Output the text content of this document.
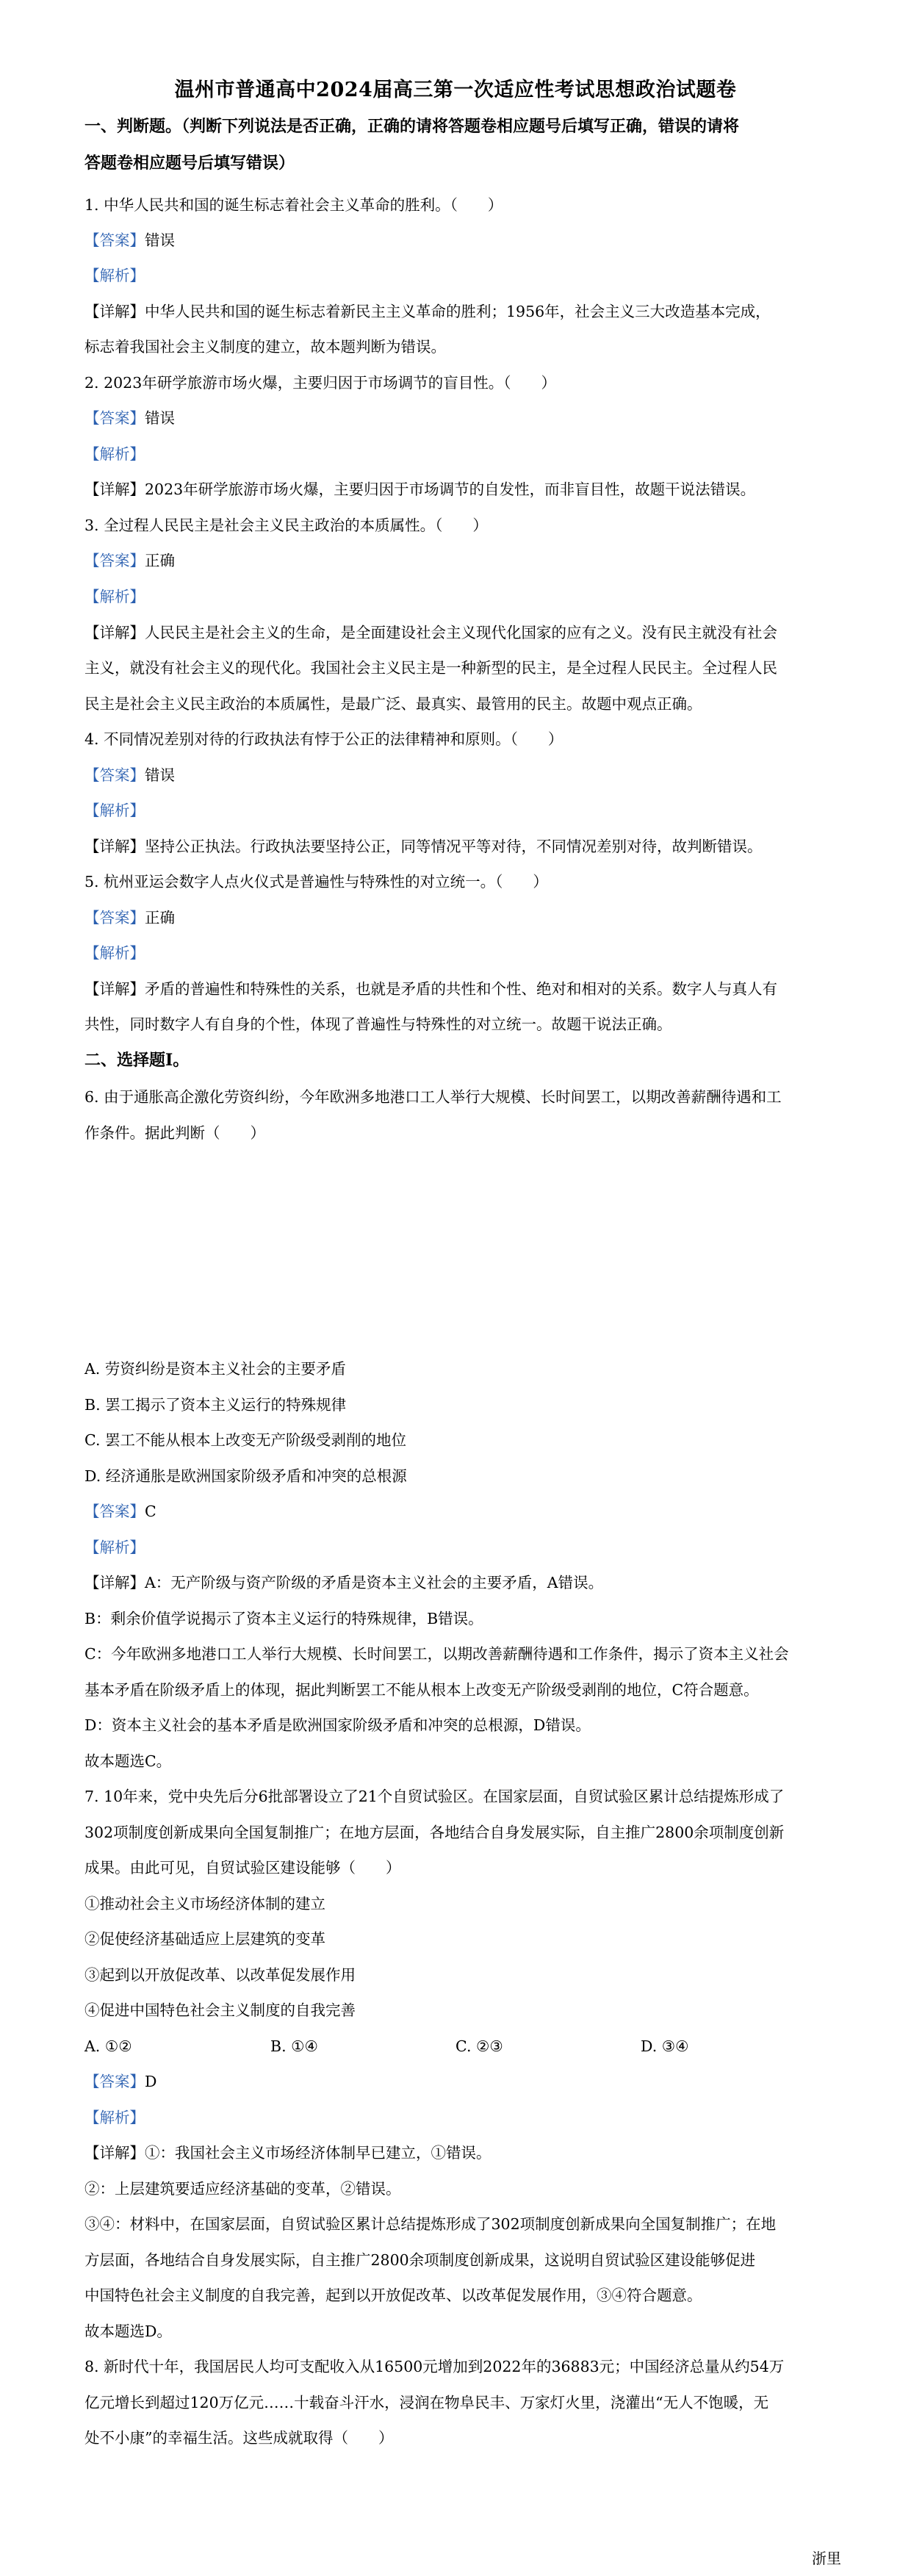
温州市普通高中2024届高三第一次适应性考试思想政治试题卷
一、判断题。（判断下列说法是否正确，正确的请将答题卷相应题号后填写正确，错误的请将
答题卷相应题号后填写错误）
1. 中华人民共和国的诞生标志着社会主义革命的胜利。（　　）
【答案】错误
【解析】
【详解】中华人民共和国的诞生标志着新民主主义革命的胜利；1956年，社会主义三大改造基本完成，
标志着我国社会主义制度的建立，故本题判断为错误。
2. 2023年研学旅游市场火爆，主要归因于市场调节的盲目性。（　　）
【答案】错误
【解析】
【详解】2023年研学旅游市场火爆，主要归因于市场调节的自发性，而非盲目性，故题干说法错误。
3. 全过程人民民主是社会主义民主政治的本质属性。（　　）
【答案】正确
【解析】
【详解】人民民主是社会主义的生命，是全面建设社会主义现代化国家的应有之义。没有民主就没有社会
主义，就没有社会主义的现代化。我国社会主义民主是一种新型的民主，是全过程人民民主。全过程人民
民主是社会主义民主政治的本质属性，是最广泛、最真实、最管用的民主。故题中观点正确。
4. 不同情况差别对待的行政执法有悖于公正的法律精神和原则。（　　）
【答案】错误
【解析】
【详解】坚持公正执法。行政执法要坚持公正，同等情况平等对待，不同情况差别对待，故判断错误。
5. 杭州亚运会数字人点火仪式是普遍性与特殊性的对立统一。（　　）
【答案】正确
【解析】
【详解】矛盾的普遍性和特殊性的关系，也就是矛盾的共性和个性、绝对和相对的关系。数字人与真人有
共性，同时数字人有自身的个性，体现了普遍性与特殊性的对立统一。故题干说法正确。
二、选择题Ⅰ。
6. 由于通胀高企激化劳资纠纷，今年欧洲多地港口工人举行大规模、长时间罢工，以期改善薪酬待遇和工
作条件。据此判断（　　）
A. 劳资纠纷是资本主义社会的主要矛盾
B. 罢工揭示了资本主义运行的特殊规律
C. 罢工不能从根本上改变无产阶级受剥削的地位
D. 经济通胀是欧洲国家阶级矛盾和冲突的总根源
【答案】C
【解析】
【详解】A：无产阶级与资产阶级的矛盾是资本主义社会的主要矛盾，A错误。
B：剩余价值学说揭示了资本主义运行的特殊规律，B错误。
C：今年欧洲多地港口工人举行大规模、长时间罢工，以期改善薪酬待遇和工作条件，揭示了资本主义社会
基本矛盾在阶级矛盾上的体现，据此判断罢工不能从根本上改变无产阶级受剥削的地位，C符合题意。
D：资本主义社会的基本矛盾是欧洲国家阶级矛盾和冲突的总根源，D错误。
故本题选C。
7. 10年来，党中央先后分6批部署设立了21个自贸试验区。在国家层面，自贸试验区累计总结提炼形成了
302项制度创新成果向全国复制推广；在地方层面，各地结合自身发展实际，自主推广2800余项制度创新
成果。由此可见，自贸试验区建设能够（　　）
①推动社会主义市场经济体制的建立
②促使经济基础适应上层建筑的变革
③起到以开放促改革、以改革促发展作用
④促进中国特色社会主义制度的自我完善
A. ①②	B. ①④	C. ②③	D. ③④
【答案】D
【解析】
【详解】①：我国社会主义市场经济体制早已建立，①错误。
②：上层建筑要适应经济基础的变革，②错误。
③④：材料中，在国家层面，自贸试验区累计总结提炼形成了302项制度创新成果向全国复制推广；在地
方层面，各地结合自身发展实际，自主推广2800余项制度创新成果，这说明自贸试验区建设能够促进
中国特色社会主义制度的自我完善，起到以开放促改革、以改革促发展作用，③④符合题意。
故本题选D。
8. 新时代十年，我国居民人均可支配收入从16500元增加到2022年的36883元；中国经济总量从约54万
亿元增长到超过120万亿元……十载奋斗汗水，浸润在物阜民丰、万家灯火里，浇灌出“无人不饱暖，无
处不小康”的幸福生活。这些成就取得（　　）
浙里
